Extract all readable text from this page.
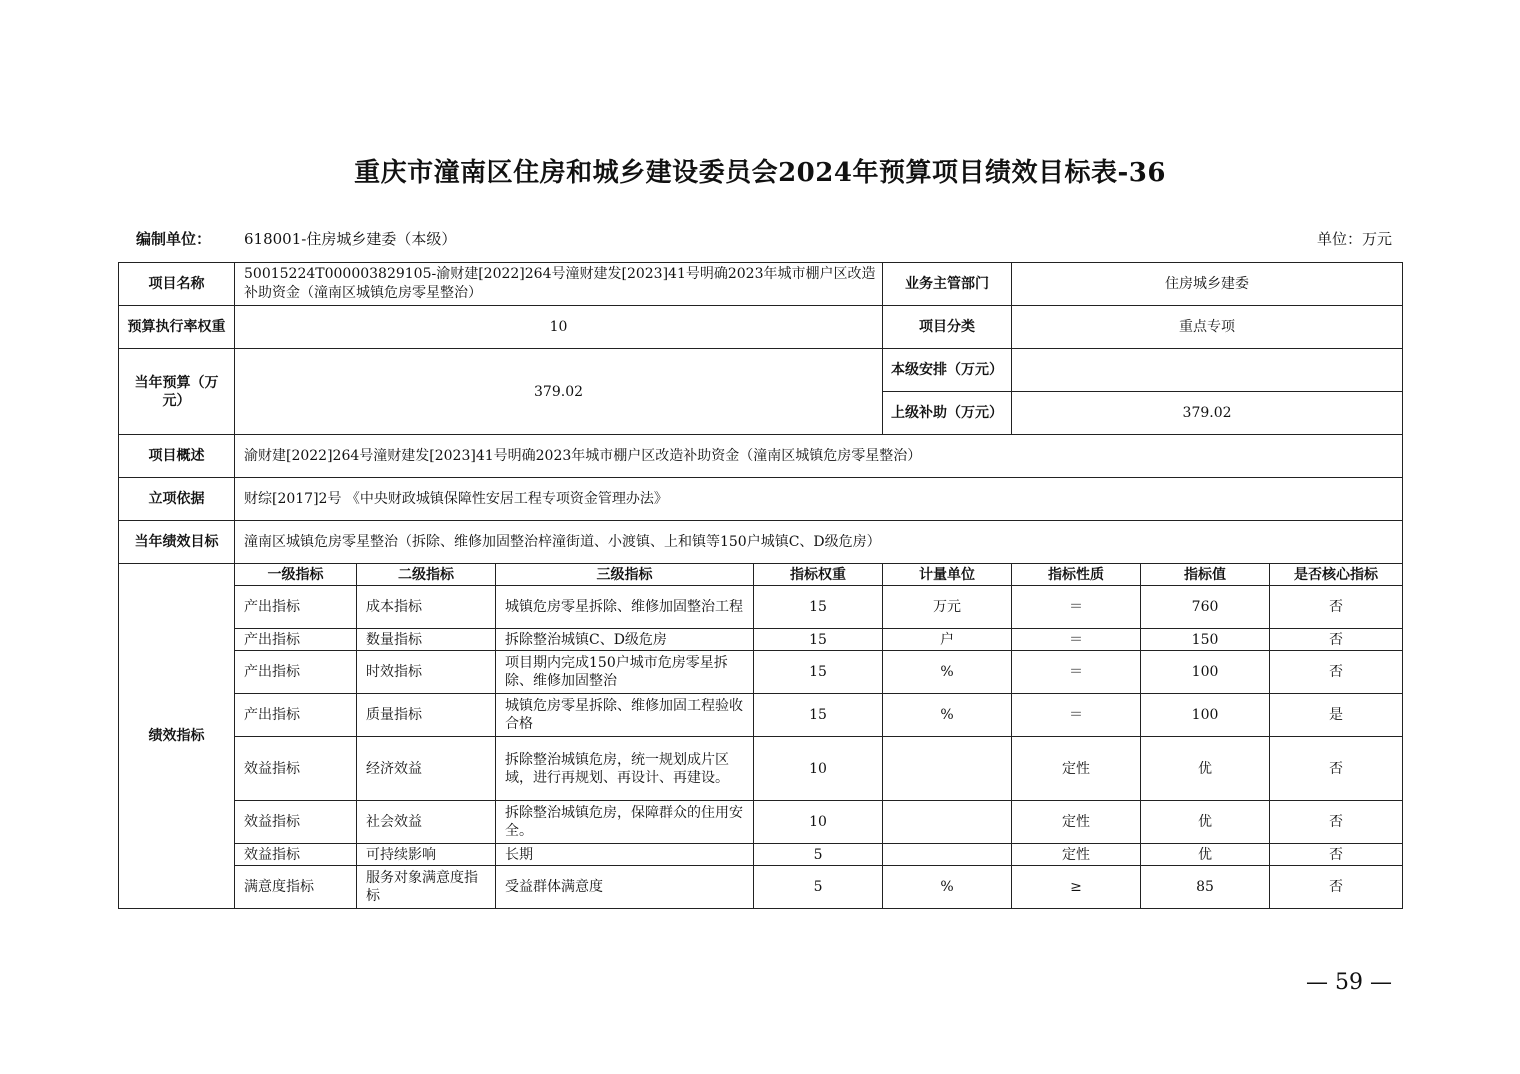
重庆市潼南区住房和城乡建设委员会2024年预算项目绩效目标表-36
编制单位： 618001-住房城乡建委（本级）	单位：万元
项目名称	50015224T000003829105-渝财建[2022]264号潼财建发[2023]41号明确2023年城市棚户区改造补助资金（潼南区城镇危房零星整治）				业务主管部门	住房城乡建委		
预算执行率权重	10				项目分类	重点专项		
当年预算（万元）	379.02				本级安排（万元）			
					上级补助（万元）	379.02		
项目概述	渝财建[2022]264号潼财建发[2023]41号明确2023年城市棚户区改造补助资金（潼南区城镇危房零星整治）							
立项依据	财综[2017]2号 《中央财政城镇保障性安居工程专项资金管理办法》							
当年绩效目标	潼南区城镇危房零星整治（拆除、维修加固整治梓潼街道、小渡镇、上和镇等150户城镇C、D级危房）							
绩效指标	一级指标	二级指标	三级指标	指标权重	计量单位	指标性质	指标值	是否核心指标
	产出指标	成本指标	城镇危房零星拆除、维修加固整治工程	15	万元	＝	760	否
	产出指标	数量指标	拆除整治城镇C、D级危房	15	户	＝	150	否
	产出指标	时效指标	项目期内完成150户城市危房零星拆除、维修加固整治	15	%	＝	100	否
	产出指标	质量指标	城镇危房零星拆除、维修加固工程验收合格	15	%	＝	100	是
	效益指标	经济效益	拆除整治城镇危房，统一规划成片区域，进行再规划、再设计、再建设。	10		定性	优	否
	效益指标	社会效益	拆除整治城镇危房，保障群众的住用安全。	10		定性	优	否
	效益指标	可持续影响	长期	5		定性	优	否
	满意度指标	服务对象满意度指标	受益群体满意度	5	%	≥	85	否
— 59 —
